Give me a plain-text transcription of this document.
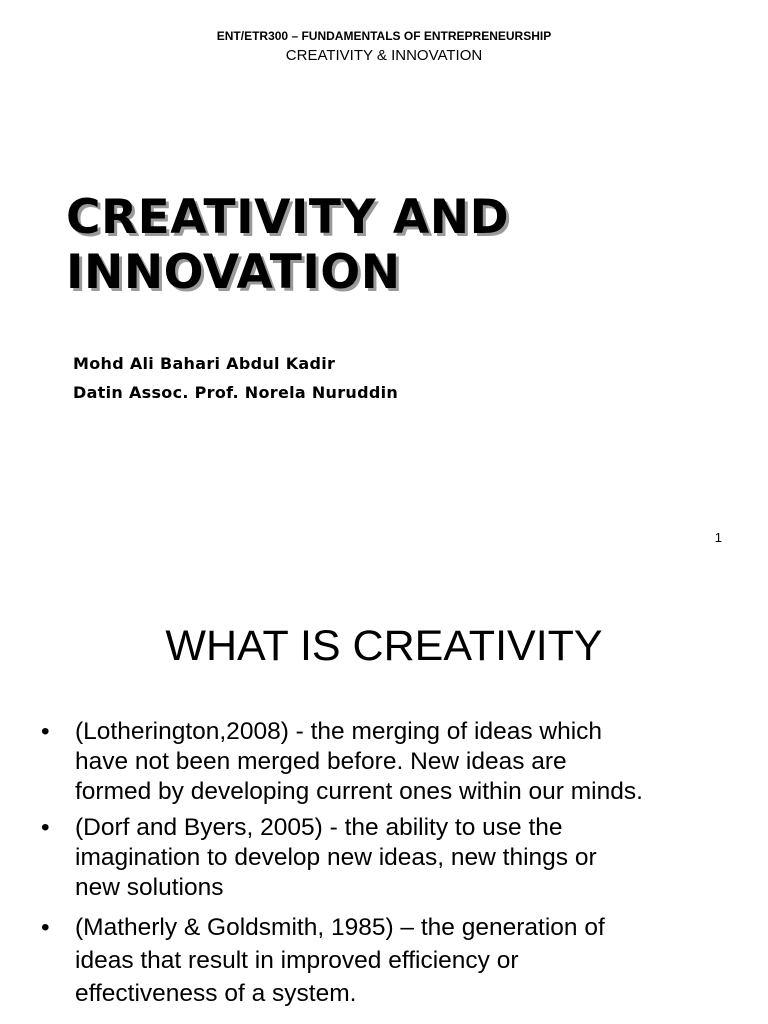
ENT/ETR300 – FUNDAMENTALS OF ENTREPRENEURSHIP
CREATIVITY & INNOVATION
CREATIVITY AND
INNOVATION
Mohd Ali Bahari Abdul Kadir
Datin Assoc. Prof. Norela Nuruddin
1
WHAT IS CREATIVITY
•	(Lotherington,2008) - the merging of ideas which
have not been merged before. New ideas are
formed by developing current ones within our minds.
•	(Dorf and Byers, 2005) - the ability to use the
imagination to develop new ideas, new things or
new solutions
•	(Matherly & Goldsmith, 1985) – the generation of
ideas that result in improved efficiency or
effectiveness of a system.
